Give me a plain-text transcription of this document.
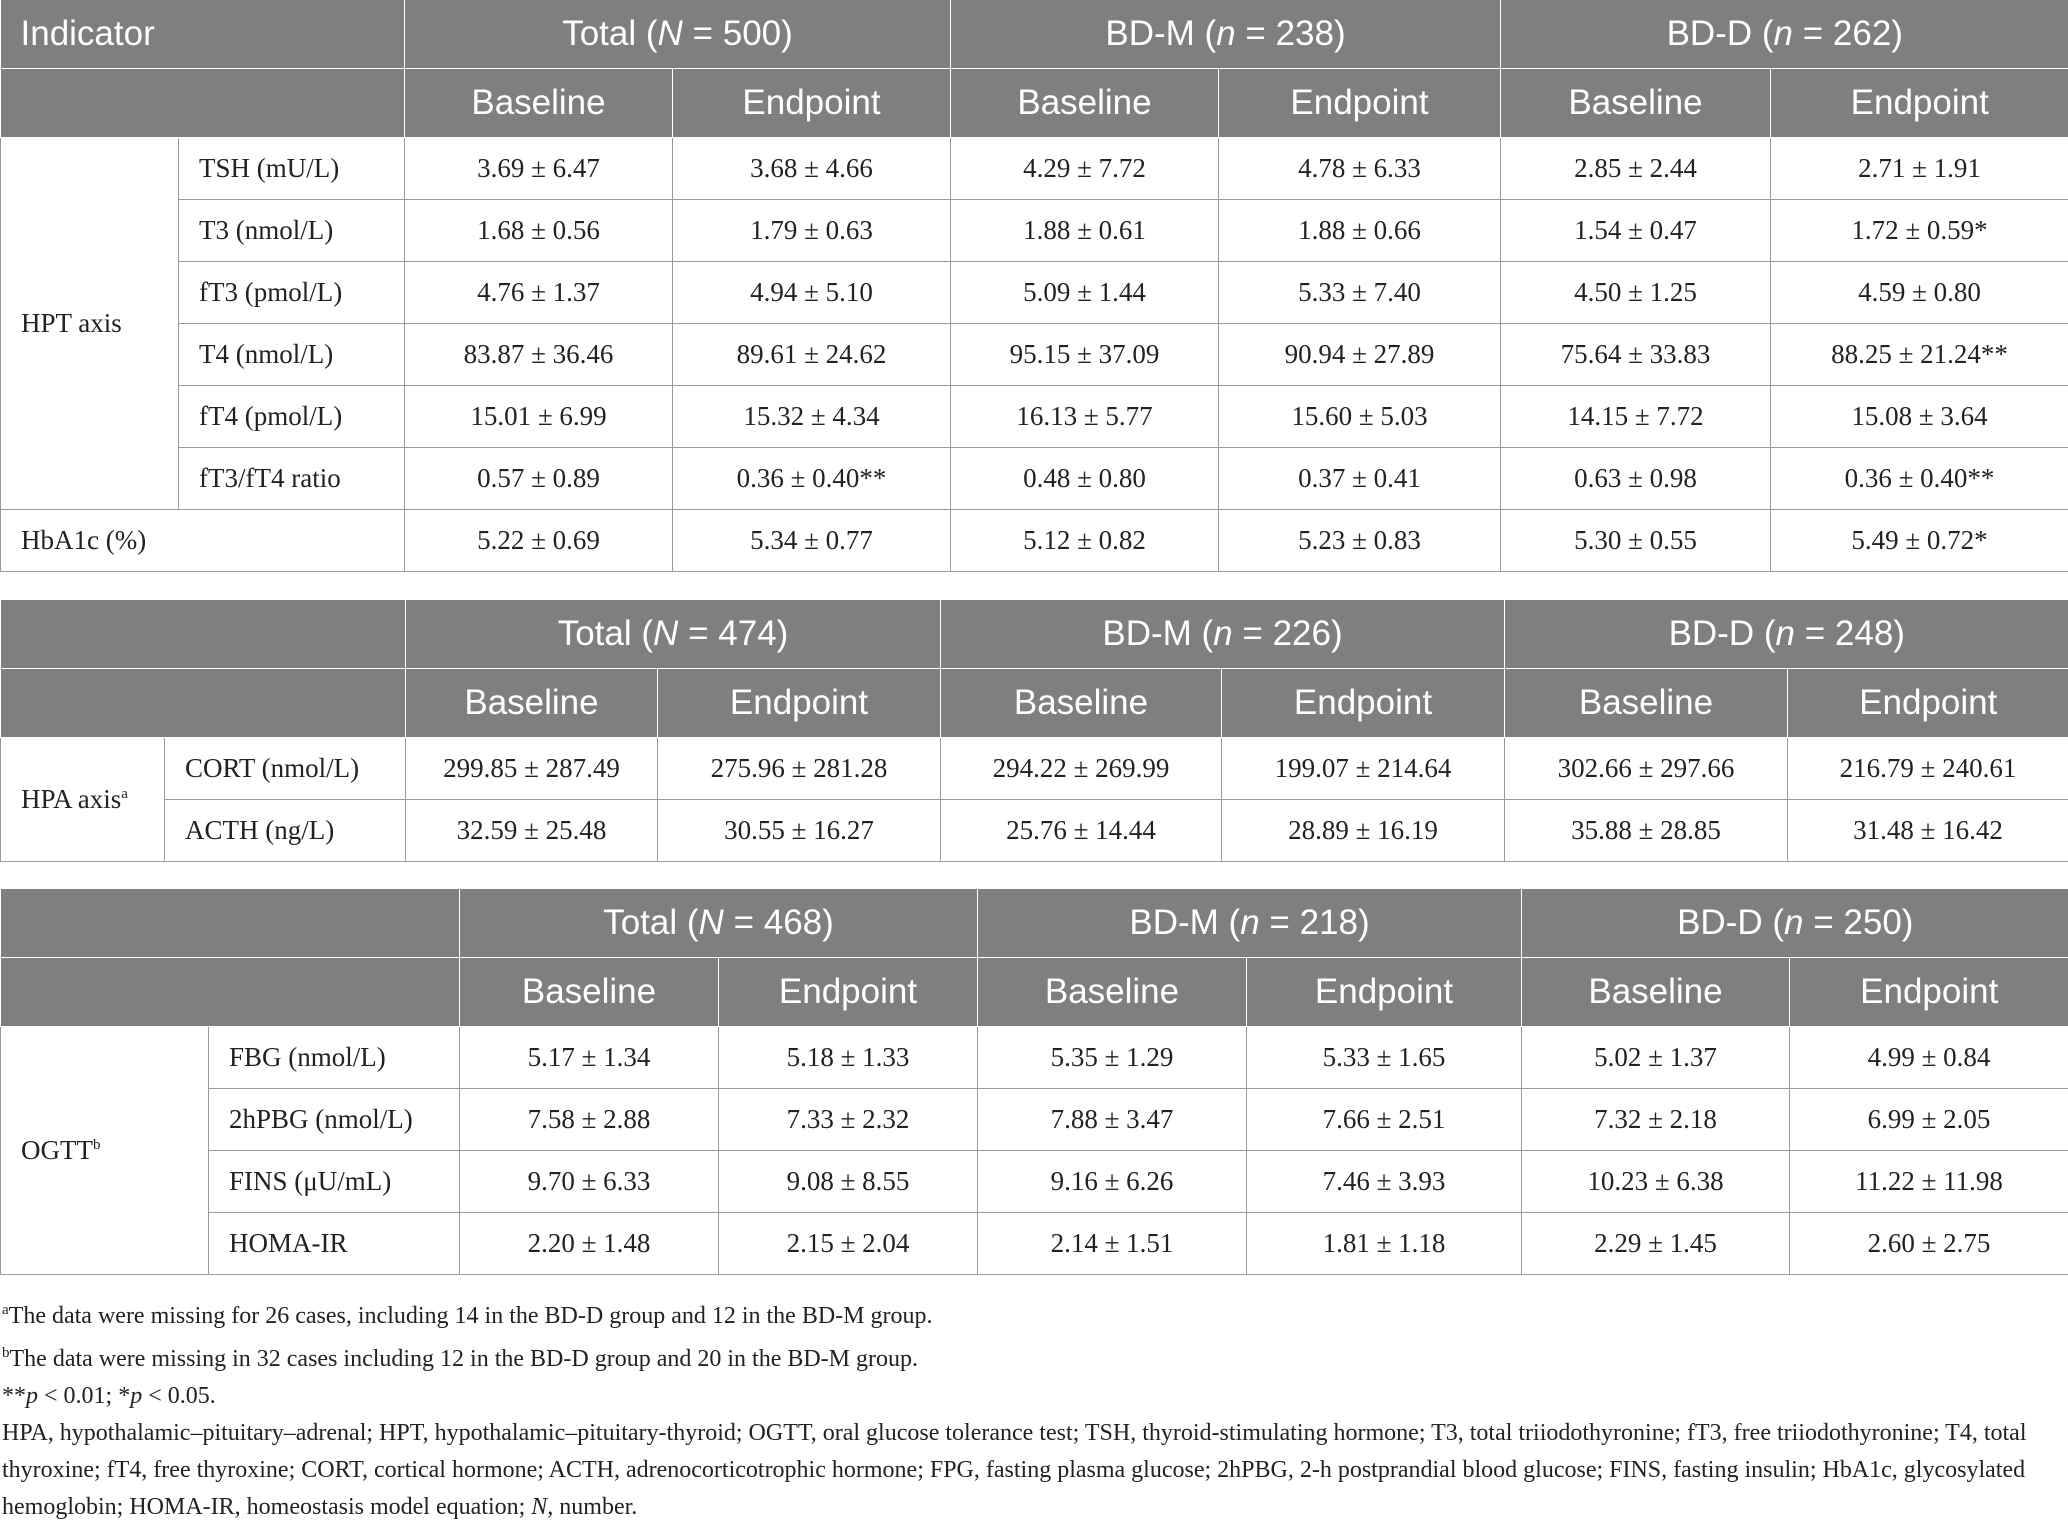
Indicator		Total (N = 500)		BD-M (n = 238)		BD-D (n = 262)	
		Baseline	Endpoint	Baseline	Endpoint	Baseline	Endpoint
HPT axis	TSH (mU/L)	3.69 ± 6.47	3.68 ± 4.66	4.29 ± 7.72	4.78 ± 6.33	2.85 ± 2.44	2.71 ± 1.91
	T3 (nmol/L)	1.68 ± 0.56	1.79 ± 0.63	1.88 ± 0.61	1.88 ± 0.66	1.54 ± 0.47	1.72 ± 0.59*
	fT3 (pmol/L)	4.76 ± 1.37	4.94 ± 5.10	5.09 ± 1.44	5.33 ± 7.40	4.50 ± 1.25	4.59 ± 0.80
	T4 (nmol/L)	83.87 ± 36.46	89.61 ± 24.62	95.15 ± 37.09	90.94 ± 27.89	75.64 ± 33.83	88.25 ± 21.24**
	fT4 (pmol/L)	15.01 ± 6.99	15.32 ± 4.34	16.13 ± 5.77	15.60 ± 5.03	14.15 ± 7.72	15.08 ± 3.64
	fT3/fT4 ratio	0.57 ± 0.89	0.36 ± 0.40**	0.48 ± 0.80	0.37 ± 0.41	0.63 ± 0.98	0.36 ± 0.40**
HbA1c (%)		5.22 ± 0.69	5.34 ± 0.77	5.12 ± 0.82	5.23 ± 0.83	5.30 ± 0.55	5.49 ± 0.72*
		Total (N = 474)		BD-M (n = 226)		BD-D (n = 248)	
		Baseline	Endpoint	Baseline	Endpoint	Baseline	Endpoint
HPA axis$^a$	CORT (nmol/L)	299.85 ± 287.49	275.96 ± 281.28	294.22 ± 269.99	199.07 ± 214.64	302.66 ± 297.66	216.79 ± 240.61
	ACTH (ng/L)	32.59 ± 25.48	30.55 ± 16.27	25.76 ± 14.44	28.89 ± 16.19	35.88 ± 28.85	31.48 ± 16.42
		Total (N = 468)		BD-M (n = 218)		BD-D (n = 250)	
		Baseline	Endpoint	Baseline	Endpoint	Baseline	Endpoint
OGTT$^b$	FBG (nmol/L)	5.17 ± 1.34	5.18 ± 1.33	5.35 ± 1.29	5.33 ± 1.65	5.02 ± 1.37	4.99 ± 0.84
	2hPBG (nmol/L)	7.58 ± 2.88	7.33 ± 2.32	7.88 ± 3.47	7.66 ± 2.51	7.32 ± 2.18	6.99 ± 2.05
	FINS (μU/mL)	9.70 ± 6.33	9.08 ± 8.55	9.16 ± 6.26	7.46 ± 3.93	10.23 ± 6.38	11.22 ± 11.98
	HOMA-IR	2.20 ± 1.48	2.15 ± 2.04	2.14 ± 1.51	1.81 ± 1.18	2.29 ± 1.45	2.60 ± 2.75

$^a$The data were missing for 26 cases, including 14 in the BD-D group and 12 in the BD-M group.

$^b$The data were missing in 32 cases including 12 in the BD-D group and 20 in the BD-M group.

**p < 0.01; *p < 0.05.

HPA, hypothalamic–pituitary–adrenal; HPT, hypothalamic–pituitary-thyroid; OGTT, oral glucose tolerance test; TSH, thyroid-stimulating hormone; T3, total triiodothyronine; fT3, free triiodothyronine; T4, total thyroxine; fT4, free thyroxine; CORT, cortical hormone; ACTH, adrenocorticotrophic hormone; FPG, fasting plasma glucose; 2hPBG, 2-h postprandial blood glucose; FINS, fasting insulin; HbA1c, glycosylated hemoglobin; HOMA-IR, homeostasis model equation; N, number.
